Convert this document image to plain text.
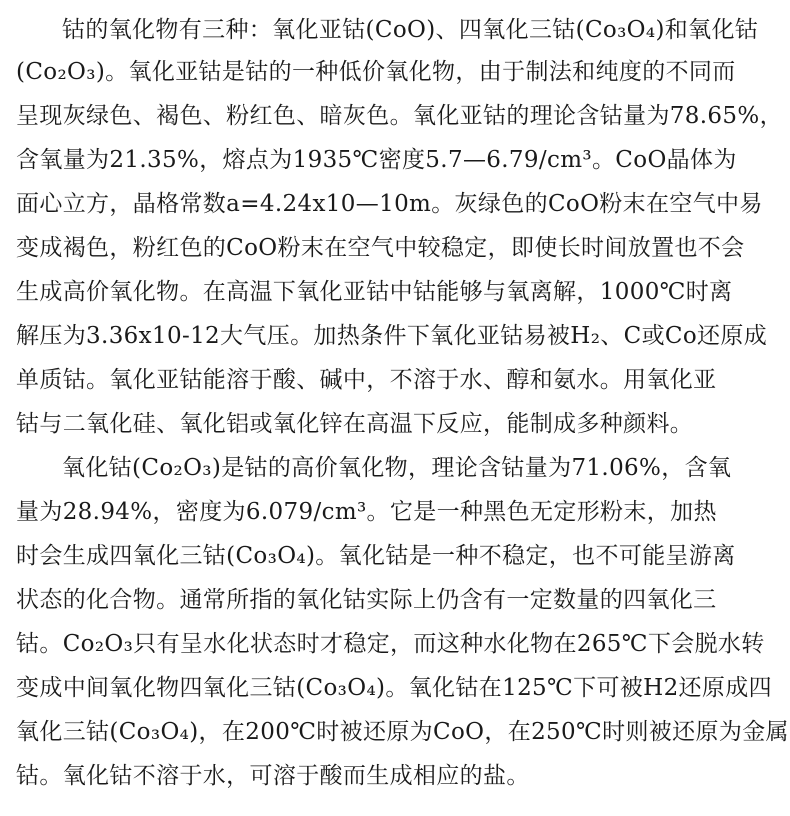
钴的氧化物有三种：氧化亚钴(CoO)、四氧化三钴(Co₃O₄)和氧化钴
(Co₂O₃)。氧化亚钴是钴的一种低价氧化物，由于制法和纯度的不同而
呈现灰绿色、褐色、粉红色、暗灰色。氧化亚钴的理论含钴量为78.65%，
含氧量为21.35%，熔点为1935℃密度5.7—6.79/cm³。CoO晶体为
面心立方，晶格常数a=4.24x10—10m。灰绿色的CoO粉末在空气中易
变成褐色，粉红色的CoO粉末在空气中较稳定，即使长时间放置也不会
生成高价氧化物。在高温下氧化亚钴中钴能够与氧离解，1000℃时离
解压为3.36x10-12大气压。加热条件下氧化亚钴易被H₂、C或Co还原成
单质钴。氧化亚钴能溶于酸、碱中，不溶于水、醇和氨水。用氧化亚
钴与二氧化硅、氧化铝或氧化锌在高温下反应，能制成多种颜料。
氧化钴(Co₂O₃)是钴的高价氧化物，理论含钴量为71.06%，含氧
量为28.94%，密度为6.079/cm³。它是一种黑色无定形粉末，加热
时会生成四氧化三钴(Co₃O₄)。氧化钴是一种不稳定，也不可能呈游离
状态的化合物。通常所指的氧化钴实际上仍含有一定数量的四氧化三
钴。Co₂O₃只有呈水化状态时才稳定，而这种水化物在265℃下会脱水转
变成中间氧化物四氧化三钴(Co₃O₄)。氧化钴在125℃下可被H2还原成四
氧化三钴(Co₃O₄)，在200℃时被还原为CoO，在250℃时则被还原为金属
钴。氧化钴不溶于水，可溶于酸而生成相应的盐。
